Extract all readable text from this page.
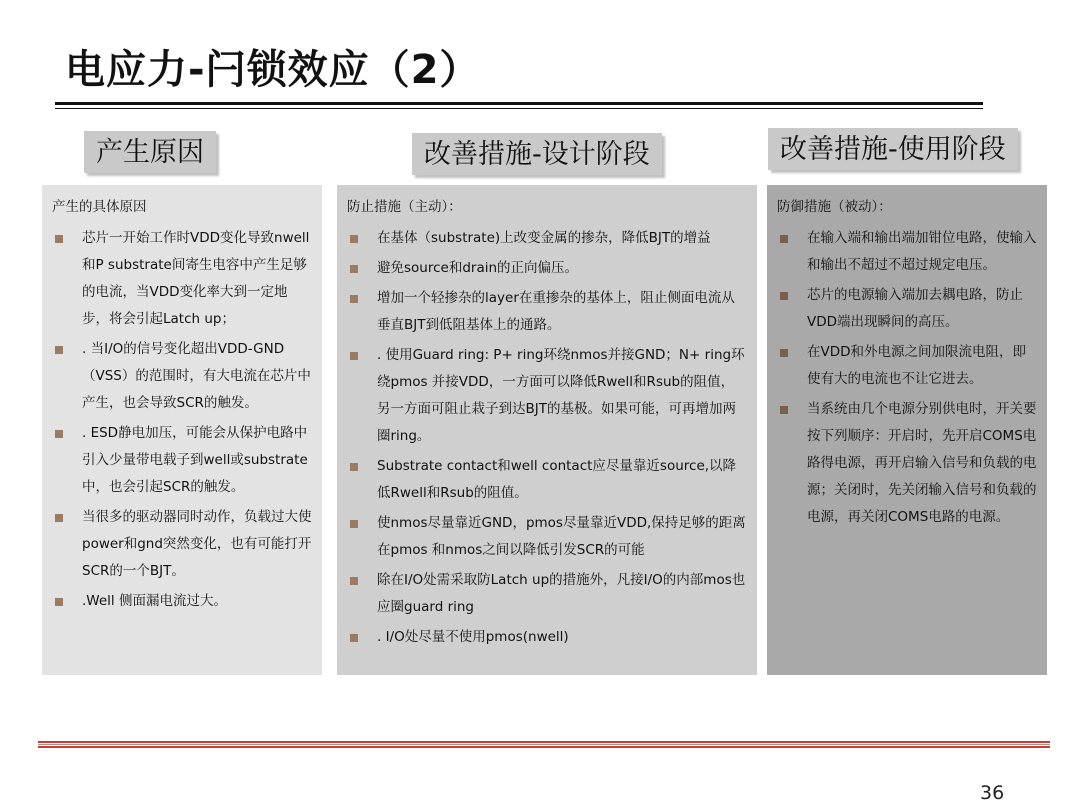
电应力-闩锁效应（2）
产生原因	改善措施-设计阶段	改善措施-使用阶段
产生的具体原因
芯片一开始工作时VDD变化导致nwell和P substrate间寄生电容中产生足够的电流，当VDD变化率大到一定地步，将会引起Latch up；
. 当I/O的信号变化超出VDD-GND（VSS）的范围时，有大电流在芯片中产生，也会导致SCR的触发。
. ESD静电加压，可能会从保护电路中引入少量带电载子到well或substrate中，也会引起SCR的触发。
当很多的驱动器同时动作，负载过大使power和gnd突然变化，也有可能打开SCR的一个BJT。
.Well 侧面漏电流过大。
防止措施（主动）：
在基体（substrate)上改变金属的掺杂，降低BJT的增益
避免source和drain的正向偏压。
增加一个轻掺杂的layer在重掺杂的基体上，阻止侧面电流从垂直BJT到低阻基体上的通路。
. 使用Guard ring: P+ ring环绕nmos并接GND；N+ ring环绕pmos 并接VDD，一方面可以降低Rwell和Rsub的阻值，另一方面可阻止栽子到达BJT的基极。如果可能，可再增加两圈ring。
Substrate contact和well contact应尽量靠近source,以降低Rwell和Rsub的阻值。
使nmos尽量靠近GND，pmos尽量靠近VDD,保持足够的距离在pmos 和nmos之间以降低引发SCR的可能
除在I/O处需采取防Latch up的措施外，凡接I/O的内部mos也应圈guard ring
. I/O处尽量不使用pmos(nwell)
防御措施（被动）：
在输入端和输出端加钳位电路，使输入和输出不超过不超过规定电压。
芯片的电源输入端加去耦电路，防止VDD端出现瞬间的高压。
在VDD和外电源之间加限流电阻，即使有大的电流也不让它进去。
当系统由几个电源分别供电时，开关要按下列顺序：开启时，先开启COMS电路得电源，再开启输入信号和负载的电源；关闭时，先关闭输入信号和负载的电源，再关闭COMS电路的电源。
36
